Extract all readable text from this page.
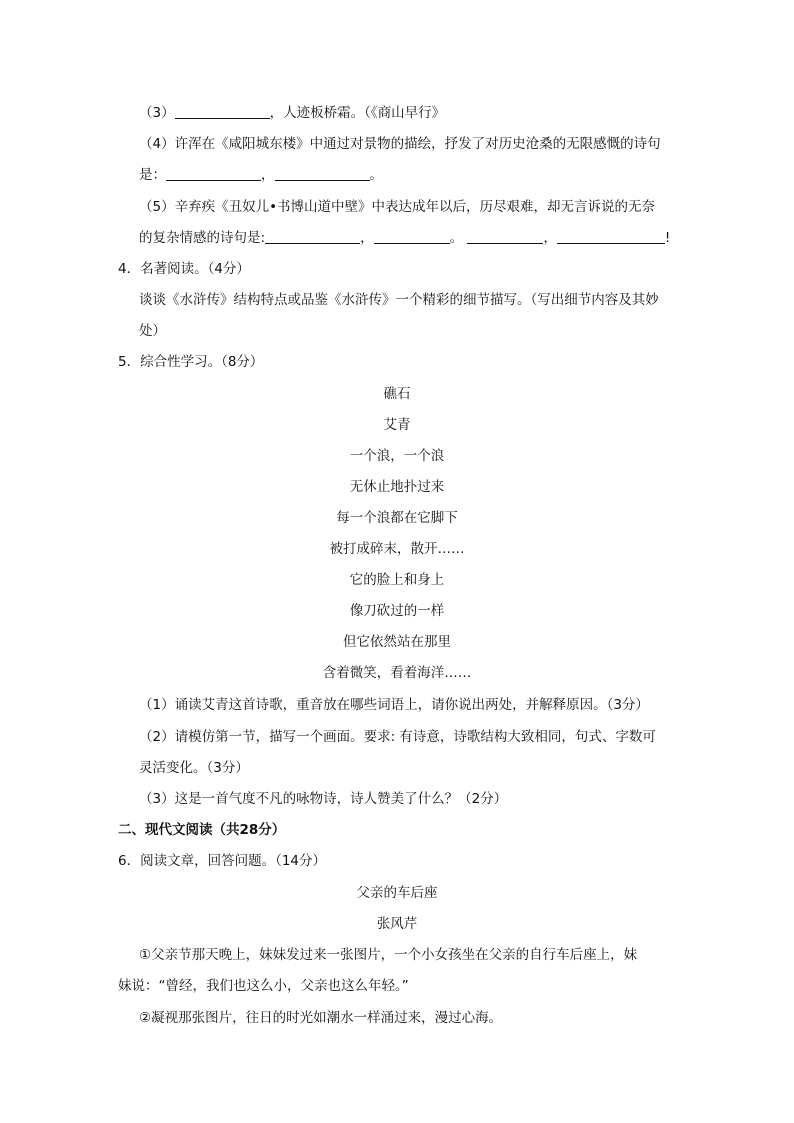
（3）	，人迹板桥霜。（《商山早行》
（4）许浑在《咸阳城东楼》中通过对景物的描绘，抒发了对历史沧桑的无限感慨的诗句
是：	，	。
（5）辛弃疾《丑奴儿•书博山道中壁》中表达成年以后，历尽艰难，却无言诉说的无奈
的复杂情感的诗句是:	，	。	，	!
4．名著阅读。（4分）
谈谈《水浒传》结构特点或品鉴《水浒传》一个精彩的细节描写。（写出细节内容及其妙
处）
5．综合性学习。（8分）
礁石
艾青
一个浪，一个浪
无休止地扑过来
每一个浪都在它脚下
被打成碎末，散开……
它的脸上和身上
像刀砍过的一样
但它依然站在那里
含着微笑，看着海洋……
（1）诵读艾青这首诗歌，重音放在哪些词语上，请你说出两处，并解释原因。（3分）
（2）请模仿第一节，描写一个画面。要求: 有诗意，诗歌结构大致相同，句式、字数可
灵活变化。（3分）
（3）这是一首气度不凡的咏物诗，诗人赞美了什么？（2分）
二、现代文阅读（共28分）
6．阅读文章，回答问题。（14分）
父亲的车后座
张风芹
①父亲节那天晚上，妹妹发过来一张图片，一个小女孩坐在父亲的自行车后座上，妹
妹说：“曾经，我们也这么小，父亲也这么年轻。”
②凝视那张图片，往日的时光如潮水一样涌过来，漫过心海。
